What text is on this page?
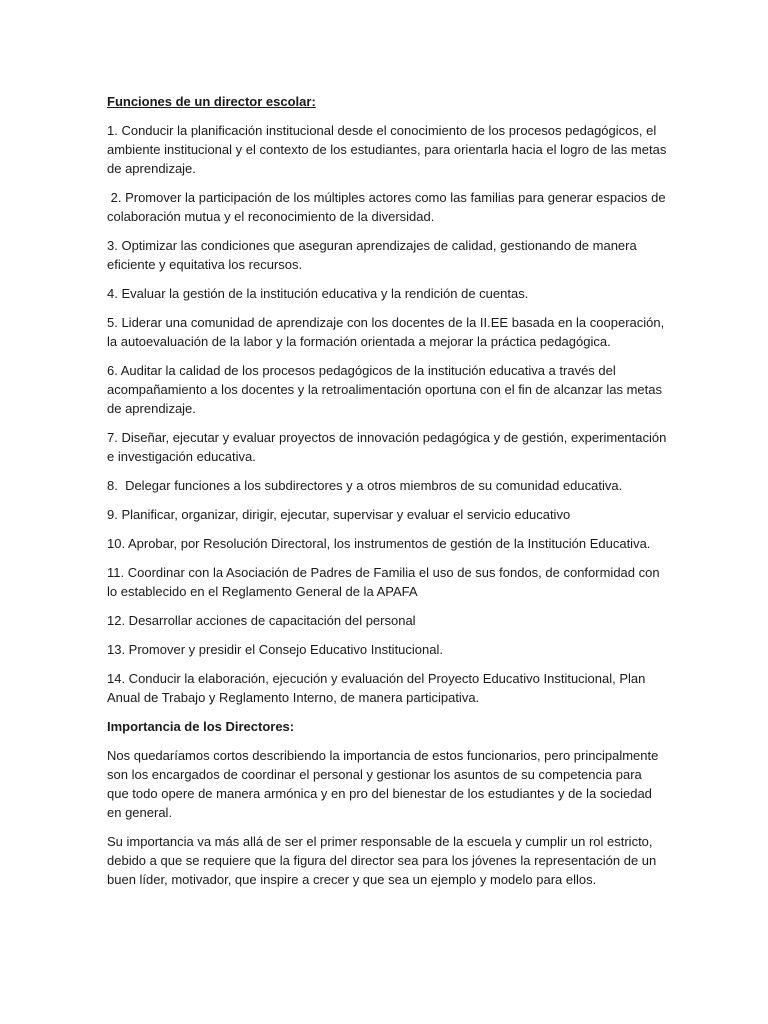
Funciones de un director escolar:
1. Conducir la planificación institucional desde el conocimiento de los procesos pedagógicos, el ambiente institucional y el contexto de los estudiantes, para orientarla hacia el logro de las metas de aprendizaje.
2. Promover la participación de los múltiples actores como las familias para generar espacios de colaboración mutua y el reconocimiento de la diversidad.
3. Optimizar las condiciones que aseguran aprendizajes de calidad, gestionando de manera eficiente y equitativa los recursos.
4. Evaluar la gestión de la institución educativa y la rendición de cuentas.
5. Liderar una comunidad de aprendizaje con los docentes de la II.EE basada en la cooperación, la autoevaluación de la labor y la formación orientada a mejorar la práctica pedagógica.
6. Auditar la calidad de los procesos pedagógicos de la institución educativa a través del acompañamiento a los docentes y la retroalimentación oportuna con el fin de alcanzar las metas de aprendizaje.
7. Diseñar, ejecutar y evaluar proyectos de innovación pedagógica y de gestión, experimentación e investigación educativa.
8.  Delegar funciones a los subdirectores y a otros miembros de su comunidad educativa.
9. Planificar, organizar, dirigir, ejecutar, supervisar y evaluar el servicio educativo
10. Aprobar, por Resolución Directoral, los instrumentos de gestión de la Institución Educativa.
11. Coordinar con la Asociación de Padres de Familia el uso de sus fondos, de conformidad con lo establecido en el Reglamento General de la APAFA
12. Desarrollar acciones de capacitación del personal
13. Promover y presidir el Consejo Educativo Institucional.
14. Conducir la elaboración, ejecución y evaluación del Proyecto Educativo Institucional, Plan Anual de Trabajo y Reglamento Interno, de manera participativa.
Importancia de los Directores:
Nos quedaríamos cortos describiendo la importancia de estos funcionarios, pero principalmente son los encargados de coordinar el personal y gestionar los asuntos de su competencia para que todo opere de manera armónica y en pro del bienestar de los estudiantes y de la sociedad en general.
Su importancia va más allá de ser el primer responsable de la escuela y cumplir un rol estricto, debido a que se requiere que la figura del director sea para los jóvenes la representación de un buen líder, motivador, que inspire a crecer y que sea un ejemplo y modelo para ellos.
